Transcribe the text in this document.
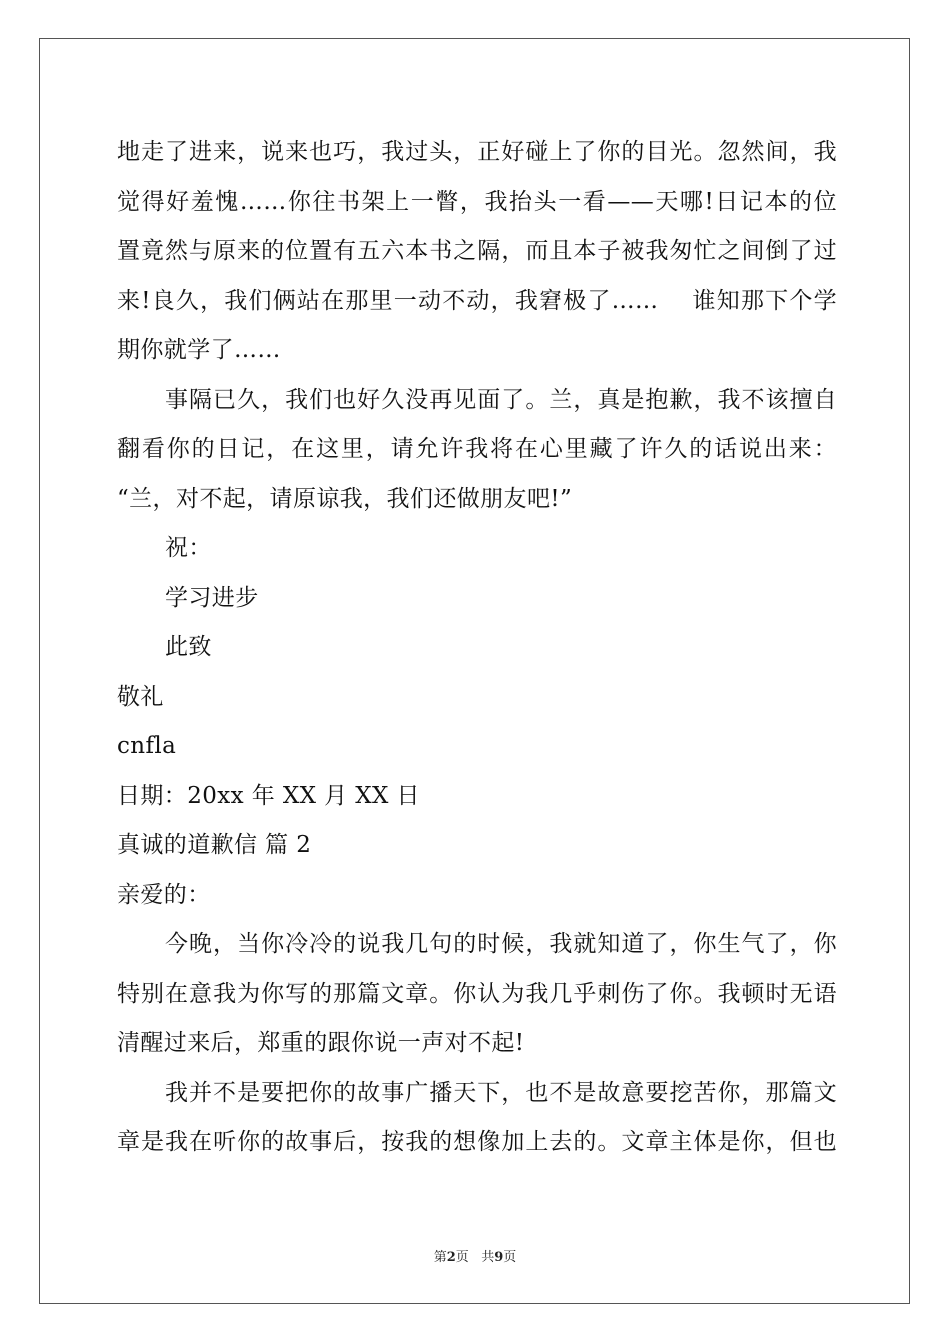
地走了进来，说来也巧，我过头，正好碰上了你的目光。忽然间，我
觉得好羞愧……你往书架上一瞥，我抬头一看——天哪!日记本的位
置竟然与原来的位置有五六本书之隔，而且本子被我匆忙之间倒了过
来!良久，我们俩站在那里一动不动，我窘极了……    谁知那下个学
期你就学了……
事隔已久，我们也好久没再见面了。兰，真是抱歉，我不该擅自
翻看你的日记，在这里，请允许我将在心里藏了许久的话说出来：
“兰，对不起，请原谅我，我们还做朋友吧!”
祝：
学习进步
此致
敬礼
cnfla
日期：20xx 年 XX 月 XX 日
真诚的道歉信 篇 2
亲爱的：
今晚，当你冷冷的说我几句的时候，我就知道了，你生气了，你
特别在意我为你写的那篇文章。你认为我几乎刺伤了你。我顿时无语
清醒过来后，郑重的跟你说一声对不起!
我并不是要把你的故事广播天下，也不是故意要挖苦你，那篇文
章是我在听你的故事后，按我的想像加上去的。文章主体是你，但也
第2页 共9页
